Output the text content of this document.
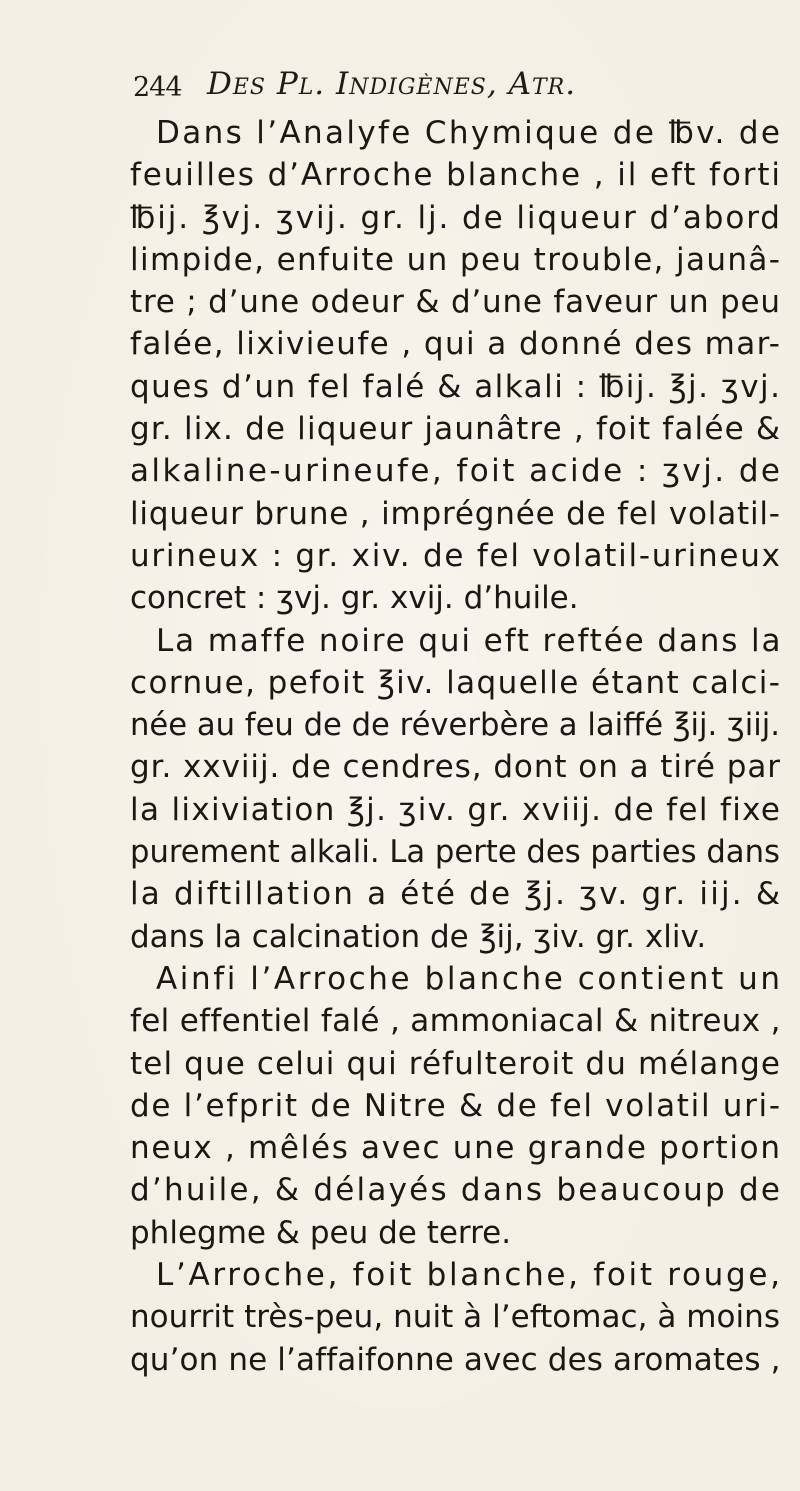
244 Des Pl. Indigènes, Atr.
Dans l’Analyfe Chymique de ℔v. de
feuilles d’Arroche blanche , il eft forti
℔ij. ℥vj. ʒvij. gr. lj. de liqueur d’abord
limpide, enfuite un peu trouble, jaunâ-
tre ; d’une odeur & d’une faveur un peu
falée, lixivieufe , qui a donné des mar-
ques d’un fel falé & alkali : ℔ij. ℥j. ʒvj.
gr. lix. de liqueur jaunâtre , foit falée &
alkaline-urineufe, foit acide : ʒvj. de
liqueur brune , imprégnée de fel volatil-
urineux : gr. xiv. de fel volatil-urineux
concret : ʒvj. gr. xvij. d’huile.
La maffe noire qui eft reftée dans la
cornue, pefoit ℥iv. laquelle étant calci-
née au feu de de réverbère a laiffé ℥ij. ʒiij.
gr. xxviij. de cendres, dont on a tiré par
la lixiviation ℥j. ʒiv. gr. xviij. de fel fixe
purement alkali. La perte des parties dans
la diftillation a été de ℥j. ʒv. gr. iij. &
dans la calcination de ℥ij, ʒiv. gr. xliv.
Ainfi l’Arroche blanche contient un
fel effentiel falé , ammoniacal & nitreux ,
tel que celui qui réfulteroit du mélange
de l’efprit de Nitre & de fel volatil uri-
neux , mêlés avec une grande portion
d’huile, & délayés dans beaucoup de
phlegme & peu de terre.
L’Arroche, foit blanche, foit rouge,
nourrit très-peu, nuit à l’eftomac, à moins
qu’on ne l’affaifonne avec des aromates ,
